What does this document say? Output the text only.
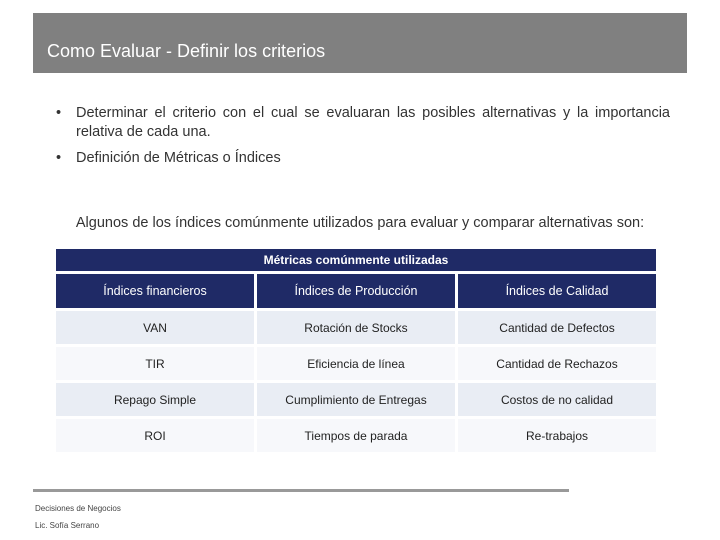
Como Evaluar - Definir los criterios
• Determinar el criterio con el cual se evaluaran las posibles alternativas y la importancia relativa de cada una.
• Definición de Métricas o Índices
Algunos de los índices comúnmente utilizados para evaluar y comparar alternativas son:
Métricas comúnmente utilizadas		
Índices financieros	Índices de Producción	Índices de Calidad
VAN	Rotación de Stocks	Cantidad de Defectos
TIR	Eficiencia de línea	Cantidad de Rechazos
Repago Simple	Cumplimiento de Entregas	Costos de no calidad
ROI	Tiempos de parada	Re-trabajos
Decisiones de Negocios
Lic. Sofía Serrano
